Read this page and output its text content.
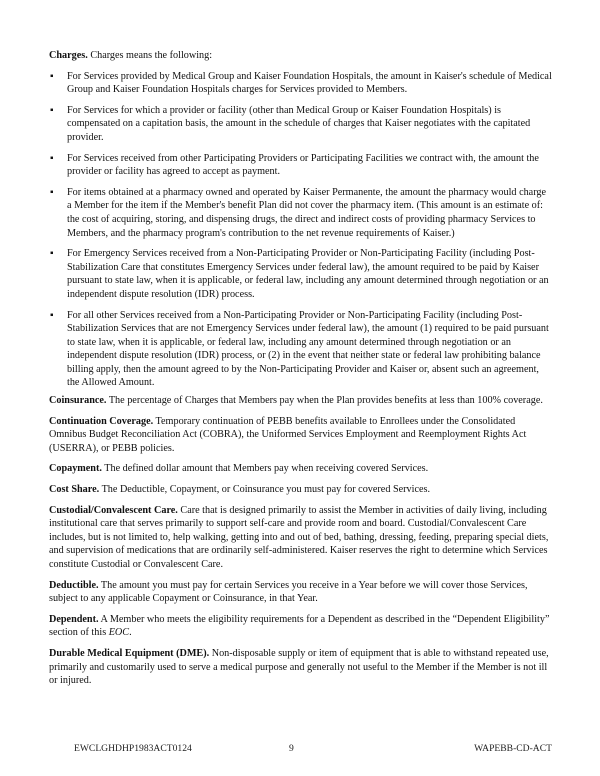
Charges. Charges means the following:

▪ For Services provided by Medical Group and Kaiser Foundation Hospitals, the amount in Kaiser's schedule of Medical Group and Kaiser Foundation Hospitals charges for Services provided to Members.
▪ For Services for which a provider or facility (other than Medical Group or Kaiser Foundation Hospitals) is compensated on a capitation basis, the amount in the schedule of charges that Kaiser negotiates with the capitated provider.
▪ For Services received from other Participating Providers or Participating Facilities we contract with, the amount the provider or facility has agreed to accept as payment.
▪ For items obtained at a pharmacy owned and operated by Kaiser Permanente, the amount the pharmacy would charge a Member for the item if the Member's benefit Plan did not cover the pharmacy item. (This amount is an estimate of: the cost of acquiring, storing, and dispensing drugs, the direct and indirect costs of providing pharmacy Services to Members, and the pharmacy program's contribution to the net revenue requirements of Kaiser.)
▪ For Emergency Services received from a Non-Participating Provider or Non-Participating Facility (including Post-Stabilization Care that constitutes Emergency Services under federal law), the amount required to be paid by Kaiser pursuant to state law, when it is applicable, or federal law, including any amount determined through negotiation or an independent dispute resolution (IDR) process.
▪ For all other Services received from a Non-Participating Provider or Non-Participating Facility (including Post-Stabilization Services that are not Emergency Services under federal law), the amount (1) required to be paid pursuant to state law, when it is applicable, or federal law, including any amount determined through negotiation or an independent dispute resolution (IDR) process, or (2) in the event that neither state or federal law prohibiting balance billing apply, then the amount agreed to by the Non-Participating Provider and Kaiser or, absent such an agreement, the Allowed Amount.

Coinsurance. The percentage of Charges that Members pay when the Plan provides benefits at less than 100% coverage.

Continuation Coverage. Temporary continuation of PEBB benefits available to Enrollees under the Consolidated Omnibus Budget Reconciliation Act (COBRA), the Uniformed Services Employment and Reemployment Rights Act (USERRA), or PEBB policies.

Copayment. The defined dollar amount that Members pay when receiving covered Services.

Cost Share. The Deductible, Copayment, or Coinsurance you must pay for covered Services.

Custodial/Convalescent Care. Care that is designed primarily to assist the Member in activities of daily living, including institutional care that serves primarily to support self-care and provide room and board. Custodial/Convalescent Care includes, but is not limited to, help walking, getting into and out of bed, bathing, dressing, feeding, preparing special diets, and supervision of medications that are ordinarily self-administered. Kaiser reserves the right to determine which Services constitute Custodial or Convalescent Care.

Deductible. The amount you must pay for certain Services you receive in a Year before we will cover those Services, subject to any applicable Copayment or Coinsurance, in that Year.

Dependent. A Member who meets the eligibility requirements for a Dependent as described in the “Dependent Eligibility” section of this EOC.

Durable Medical Equipment (DME). Non-disposable supply or item of equipment that is able to withstand repeated use, primarily and customarily used to serve a medical purpose and generally not useful to the Member if the Member is not ill or injured.

EWCLGHDHP1983ACT0124	9	WAPEBB-CD-ACT
